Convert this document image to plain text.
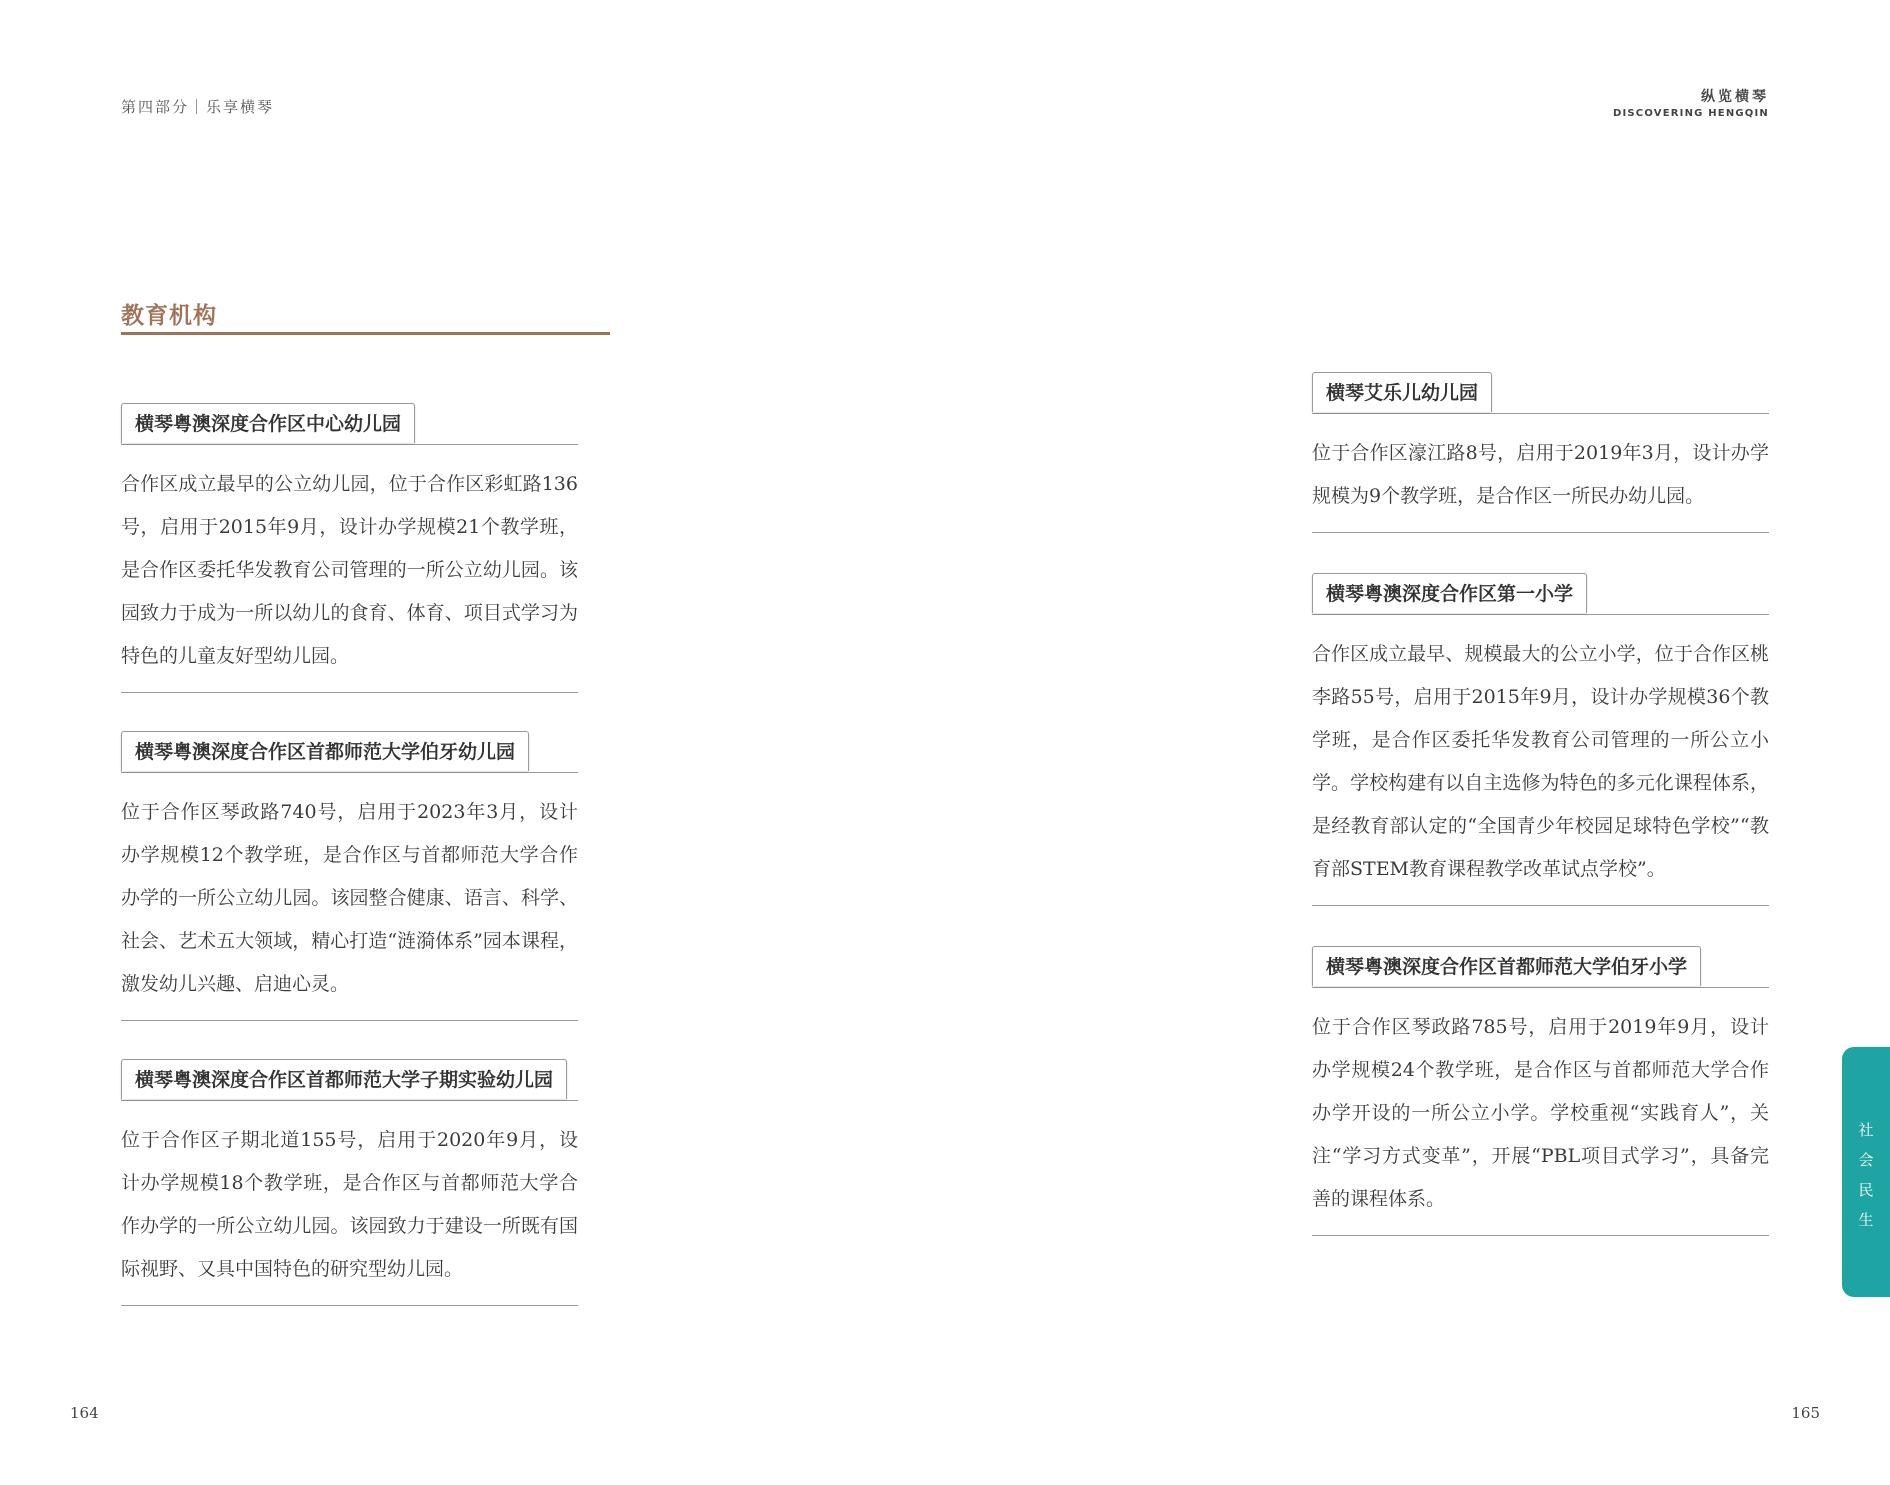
第四部分｜乐享横琴
纵览横琴
DISCOVERING HENGQIN
教育机构
横琴粤澳深度合作区中心幼儿园
合作区成立最早的公立幼儿园，位于合作区彩虹路136号，启用于2015年9月，设计办学规模21个教学班，是合作区委托华发教育公司管理的一所公立幼儿园。该园致力于成为一所以幼儿的食育、体育、项目式学习为特色的儿童友好型幼儿园。
横琴粤澳深度合作区首都师范大学伯牙幼儿园
位于合作区琴政路740号，启用于2023年3月，设计办学规模12个教学班，是合作区与首都师范大学合作办学的一所公立幼儿园。该园整合健康、语言、科学、社会、艺术五大领域，精心打造“涟漪体系”园本课程，激发幼儿兴趣、启迪心灵。
横琴粤澳深度合作区首都师范大学子期实验幼儿园
位于合作区子期北道155号，启用于2020年9月，设计办学规模18个教学班，是合作区与首都师范大学合作办学的一所公立幼儿园。该园致力于建设一所既有国际视野、又具中国特色的研究型幼儿园。
横琴艾乐儿幼儿园
位于合作区濠江路8号，启用于2019年3月，设计办学规模为9个教学班，是合作区一所民办幼儿园。
横琴粤澳深度合作区第一小学
合作区成立最早、规模最大的公立小学，位于合作区桃李路55号，启用于2015年9月，设计办学规模36个教学班，是合作区委托华发教育公司管理的一所公立小学。学校构建有以自主选修为特色的多元化课程体系，是经教育部认定的“全国青少年校园足球特色学校”“教育部STEM教育课程教学改革试点学校”。
横琴粤澳深度合作区首都师范大学伯牙小学
位于合作区琴政路785号，启用于2019年9月，设计办学规模24个教学班，是合作区与首都师范大学合作办学开设的一所公立小学。学校重视“实践育人”，关注“学习方式变革”，开展“PBL项目式学习”，具备完善的课程体系。
社会民生
164	165
